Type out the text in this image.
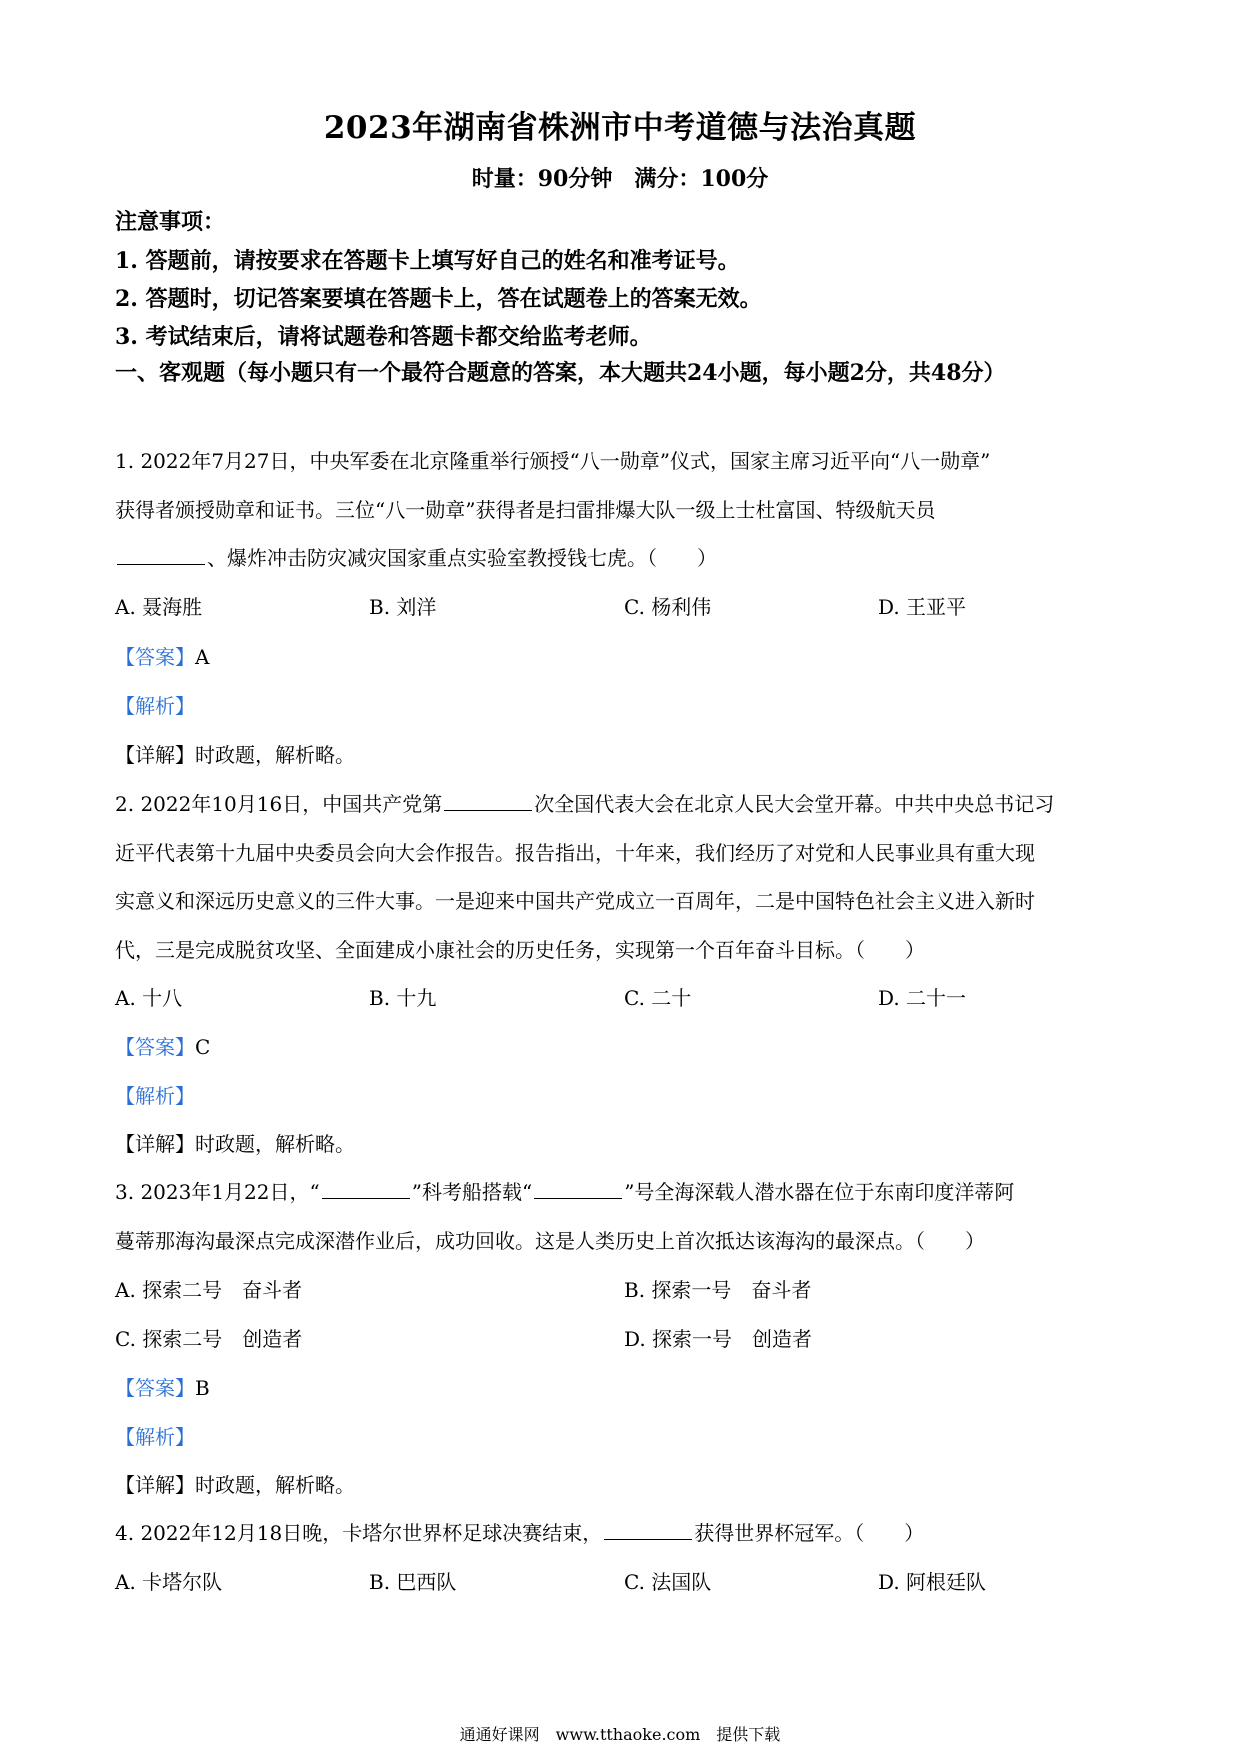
2023年湖南省株洲市中考道德与法治真题
时量：90分钟　满分：100分
注意事项：
1. 答题前，请按要求在答题卡上填写好自己的姓名和准考证号。
2. 答题时，切记答案要填在答题卡上，答在试题卷上的答案无效。
3. 考试结束后，请将试题卷和答题卡都交给监考老师。
一、客观题（每小题只有一个最符合题意的答案，本大题共24小题，每小题2分，共48分）
1. 2022年7月27日，中央军委在北京隆重举行颁授“八一勋章”仪式，国家主席习近平向“八一勋章”
获得者颁授勋章和证书。三位“八一勋章”获得者是扫雷排爆大队一级上士杜富国、特级航天员
、爆炸冲击防灾减灾国家重点实验室教授钱七虎。（　　）
A. 聂海胜	B. 刘洋	C. 杨利伟	D. 王亚平
【答案】A
【解析】
【详解】时政题，解析略。
2. 2022年10月16日，中国共产党第	次全国代表大会在北京人民大会堂开幕。中共中央总书记习
近平代表第十九届中央委员会向大会作报告。报告指出，十年来，我们经历了对党和人民事业具有重大现
实意义和深远历史意义的三件大事。一是迎来中国共产党成立一百周年，二是中国特色社会主义进入新时
代，三是完成脱贫攻坚、全面建成小康社会的历史任务，实现第一个百年奋斗目标。（　　）
A. 十八	B. 十九	C. 二十	D. 二十一
【答案】C
【解析】
【详解】时政题，解析略。
3. 2023年1月22日，“	”科考船搭载“	”号全海深载人潜水器在位于东南印度洋蒂阿
蔓蒂那海沟最深点完成深潜作业后，成功回收。这是人类历史上首次抵达该海沟的最深点。（　　）
A. 探索二号　奋斗者	B. 探索一号　奋斗者
C. 探索二号　创造者	D. 探索一号　创造者
【答案】B
【解析】
【详解】时政题，解析略。
4. 2022年12月18日晚，卡塔尔世界杯足球决赛结束，	获得世界杯冠军。（　　）
A. 卡塔尔队	B. 巴西队	C. 法国队	D. 阿根廷队
通通好课网　www.tthaoke.com　提供下载
